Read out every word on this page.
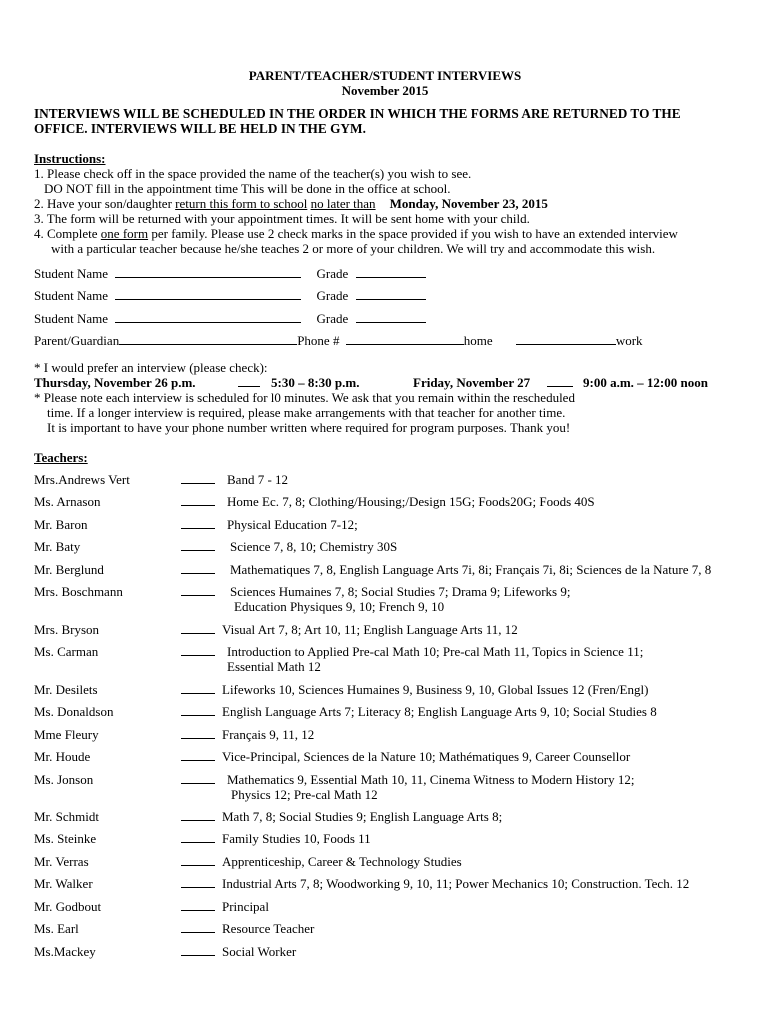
PARENT/TEACHER/STUDENT INTERVIEWS
November 2015
INTERVIEWS WILL BE SCHEDULED IN THE ORDER IN WHICH THE FORMS ARE RETURNED TO THE
OFFICE. INTERVIEWS WILL BE HELD IN THE GYM.
Instructions:
1. Please check off in the space provided the name of the teacher(s) you wish to see.
DO NOT fill in the appointment time This will be done in the office at school.
2. Have your son/daughter return this form to school no later than Monday, November 23, 2015
3. The form will be returned with your appointment times. It will be sent home with your child.
4. Complete one form per family. Please use 2 check marks in the space provided if you wish to have an extended interview
with a particular teacher because he/she teaches 2 or more of your children. We will try and accommodate this wish.
Student Name	Grade
Student Name	Grade
Student Name	Grade
Parent/Guardian	Phone #	home	work
* I would prefer an interview (please check):
Thursday, November 26 p.m.	5:30 – 8:30 p.m.	Friday, November 27	9:00 a.m. – 12:00 noon
* Please note each interview is scheduled for l0 minutes. We ask that you remain within the rescheduled
time. If a longer interview is required, please make arrangements with that teacher for another time.
It is important to have your phone number written where required for program purposes. Thank you!
Teachers:
Mrs.Andrews Vert	Band 7 - 12
Ms. Arnason	Home Ec. 7, 8; Clothing/Housing;/Design 15G; Foods20G; Foods 40S
Mr. Baron	Physical Education 7-12;
Mr. Baty	Science 7, 8, 10; Chemistry 30S
Mr. Berglund	Mathematiques 7, 8, English Language Arts 7i, 8i; Français 7i, 8i; Sciences de la Nature 7, 8
Mrs. Boschmann	Sciences Humaines 7, 8; Social Studies 7; Drama 9; Lifeworks 9;
Education Physiques 9, 10; French 9, 10
Mrs. Bryson	Visual Art 7, 8; Art 10, 11; English Language Arts 11, 12
Ms. Carman	Introduction to Applied Pre-cal Math 10; Pre-cal Math 11, Topics in Science 11;
Essential Math 12
Mr. Desilets	Lifeworks 10, Sciences Humaines 9, Business 9, 10, Global Issues 12 (Fren/Engl)
Ms. Donaldson	English Language Arts 7; Literacy 8; English Language Arts 9, 10; Social Studies 8
Mme Fleury	Français 9, 11, 12
Mr. Houde	Vice-Principal, Sciences de la Nature 10; Mathématiques 9, Career Counsellor
Ms. Jonson	Mathematics 9, Essential Math 10, 11, Cinema Witness to Modern History 12;
Physics 12; Pre-cal Math 12
Mr. Schmidt	Math 7, 8; Social Studies 9; English Language Arts 8;
Ms. Steinke	Family Studies 10, Foods 11
Mr. Verras	Apprenticeship, Career & Technology Studies
Mr. Walker	Industrial Arts 7, 8; Woodworking 9, 10, 11; Power Mechanics 10; Construction. Tech. 12
Mr. Godbout	Principal
Ms. Earl	Resource Teacher
Ms.Mackey	Social Worker
